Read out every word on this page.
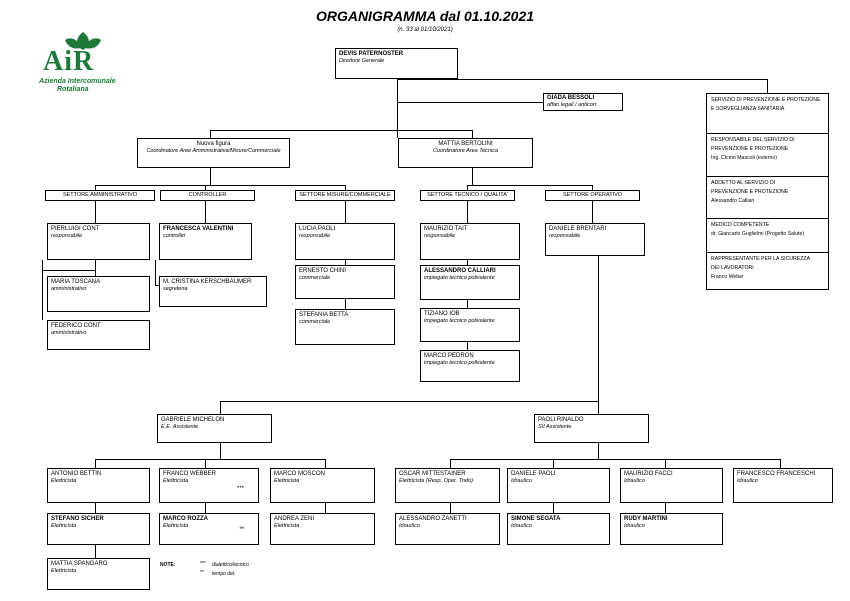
ORGANIGRAMMA dal 01.10.2021
(n. 33 al 01/10/2021)
AiR
Azienda Intercomunale
Rotaliana
DEVIS PATERNOSTER
Direttore Generale
GIADA BESSOLI
affari legali / anticorr.
Nuova figura
Coordinatore Aree Amministrativa/Misure/Commerciale
MATTIA BERTOLINI
Coordinatore Area Tecnica
SETTORE AMMINISTRATIVO	CONTROLLER	SETTORE MISURE/COMMERCIALE	SETTORE TECNICO / QUALITA'	SETTORE OPERATIVO
PIERLUIGI CONT
responsabile
MARIA TOSCANA
amministrativo
FEDERICO CONT
amministrativo
FRANCESCA VALENTINI
controller
M. CRISTINA KERSCHBAUMER
segreteria
LUCIA PAOLI
responsabile
ERNESTO CHINI
commerciale
STEFANIA BETTA
commerciale
MAURIZIO TAIT
responsabile
ALESSANDRO CALLIARI
impiegato tecnico polivalente
TIZIANO IOB
impiegato tecnico polivalente
MARCO PEDRON
impiegato tecnico polivalente
DANIELE BRENTARI
responsabile
GABRIELE MICHELON
E.E. Assistente
PAOLI RINALDO
SII Assistente
ANTONIO BETTIN
Elettricista
STEFANO SICHER
Elettricista
MATTIA SPANGARO
Elettricista
FRANCO WEBBER
Elettricista
***
MARCO ROZZA
Elettricista
**
MARCO MOSCON
Elettricista
ANDREA ZENI
Elettricista
OSCAR MITTESTAINER
Elettricista (Resp. Oper. Trafo)
ALESSANDRO ZANETTI
Idraulico
DANIELE PAOLI
Idraulico
SIMONE SEGATA
Idraulico
MAURIZIO FACCI
Idraulico
RUDY MARTINI
Idraulico
FRANCESCO FRANCESCHI
Idraulico
NOTE:	*** dialettico/tecnico
** tempo det.
SERVIZIO DI PREVENZIONE E PROTEZIONE
E SORVEGLIANZA SANITARIA
RESPONSABILE DEL SERVIZIO DI
PREVENZIONE E PROTEZIONE
Ing. Cicmo Mascoli (esterno)
ADDETTO AL SERVIZIO DI
PREVENZIONE E PROTEZIONE
Alessandro Calliari
MEDICO COMPETENTE
dr. Giancarlo Guglielmi (Progetto Salute)
RAPPRESENTANTE PER LA SICUREZZA
DEI LAVORATORI
Franco Weber
